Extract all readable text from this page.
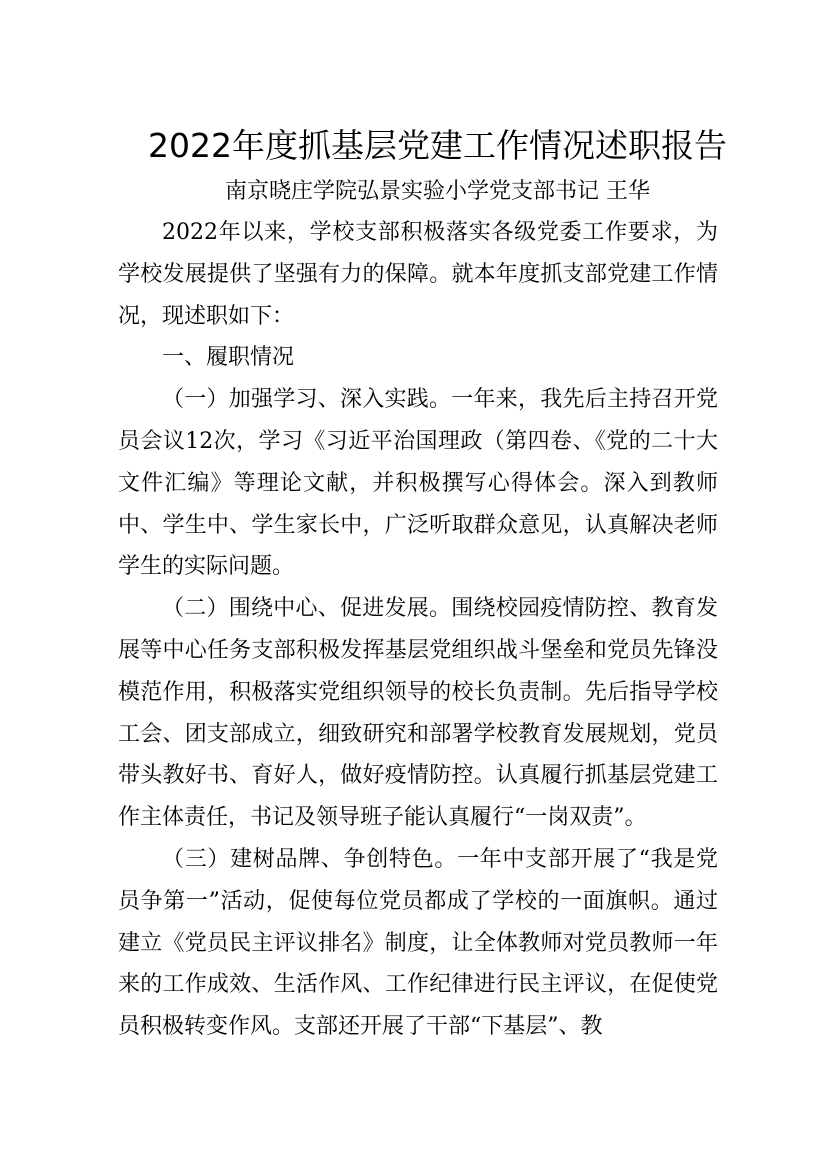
2022年度抓基层党建工作情况述职报告
南京晓庄学院弘景实验小学党支部书记 王华

2022年以来，学校支部积极落实各级党委工作要求，为学校发展提供了坚强有力的保障。就本年度抓支部党建工作情况，现述职如下：

一、履职情况

（一）加强学习、深入实践。一年来，我先后主持召开党员会议12次，学习《习近平治国理政（第四卷、《党的二十大文件汇编》等理论文献，并积极撰写心得体会。深入到教师中、学生中、学生家长中，广泛听取群众意见，认真解决老师学生的实际问题。

（二）围绕中心、促进发展。围绕校园疫情防控、教育发展等中心任务支部积极发挥基层党组织战斗堡垒和党员先锋没模范作用，积极落实党组织领导的校长负责制。先后指导学校工会、团支部成立，细致研究和部署学校教育发展规划，党员带头教好书、育好人，做好疫情防控。认真履行抓基层党建工作主体责任，书记及领导班子能认真履行“一岗双责”。

（三）建树品牌、争创特色。一年中支部开展了“我是党员争第一”活动，促使每位党员都成了学校的一面旗帜。通过建立《党员民主评议排名》制度，让全体教师对党员教师一年来的工作成效、生活作风、工作纪律进行民主评议，在促使党员积极转变作风。支部还开展了干部“下基层”、教
